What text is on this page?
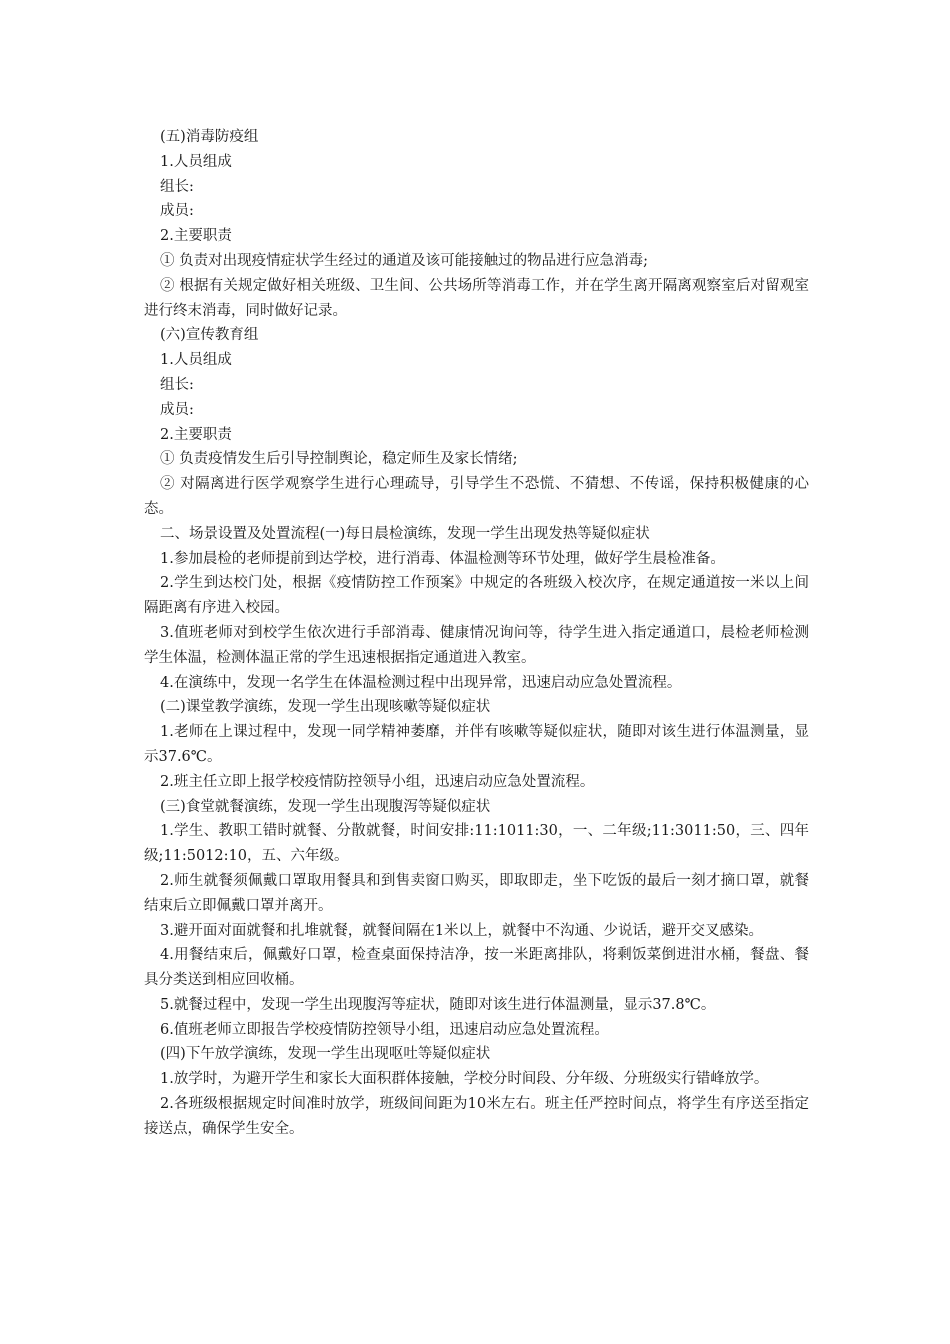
(五)消毒防疫组

1.人员组成

组长:

成员:

2.主要职责

① 负责对出现疫情症状学生经过的通道及该可能接触过的物品进行应急消毒;

② 根据有关规定做好相关班级、卫生间、公共场所等消毒工作，并在学生离开隔离观察室后对留观室进行终末消毒，同时做好记录。

(六)宣传教育组

1.人员组成

组长:

成员:

2.主要职责

① 负责疫情发生后引导控制舆论，稳定师生及家长情绪;

② 对隔离进行医学观察学生进行心理疏导，引导学生不恐慌、不猜想、不传谣，保持积极健康的心态。

二、场景设置及处置流程(一)每日晨检演练，发现一学生出现发热等疑似症状

1.参加晨检的老师提前到达学校，进行消毒、体温检测等环节处理，做好学生晨检准备。

2.学生到达校门处，根据《疫情防控工作预案》中规定的各班级入校次序，在规定通道按一米以上间隔距离有序进入校园。

3.值班老师对到校学生依次进行手部消毒、健康情况询问等，待学生进入指定通道口，晨检老师检测学生体温，检测体温正常的学生迅速根据指定通道进入教室。

4.在演练中，发现一名学生在体温检测过程中出现异常，迅速启动应急处置流程。

(二)课堂教学演练，发现一学生出现咳嗽等疑似症状

1.老师在上课过程中，发现一同学精神萎靡，并伴有咳嗽等疑似症状，随即对该生进行体温测量，显示37.6℃。

2.班主任立即上报学校疫情防控领导小组，迅速启动应急处置流程。

(三)食堂就餐演练，发现一学生出现腹泻等疑似症状

1.学生、教职工错时就餐、分散就餐，时间安排:11:1011:30，一、二年级;11:3011:50，三、四年级;11:5012:10，五、六年级。

2.师生就餐须佩戴口罩取用餐具和到售卖窗口购买，即取即走，坐下吃饭的最后一刻才摘口罩，就餐结束后立即佩戴口罩并离开。

3.避开面对面就餐和扎堆就餐，就餐间隔在1米以上，就餐中不沟通、少说话，避开交叉感染。

4.用餐结束后，佩戴好口罩，检查桌面保持洁净，按一米距离排队，将剩饭菜倒进泔水桶，餐盘、餐具分类送到相应回收桶。

5.就餐过程中，发现一学生出现腹泻等症状，随即对该生进行体温测量，显示37.8℃。

6.值班老师立即报告学校疫情防控领导小组，迅速启动应急处置流程。

(四)下午放学演练，发现一学生出现呕吐等疑似症状

1.放学时，为避开学生和家长大面积群体接触，学校分时间段、分年级、分班级实行错峰放学。

2.各班级根据规定时间准时放学，班级间间距为10米左右。班主任严控时间点，将学生有序送至指定接送点，确保学生安全。
